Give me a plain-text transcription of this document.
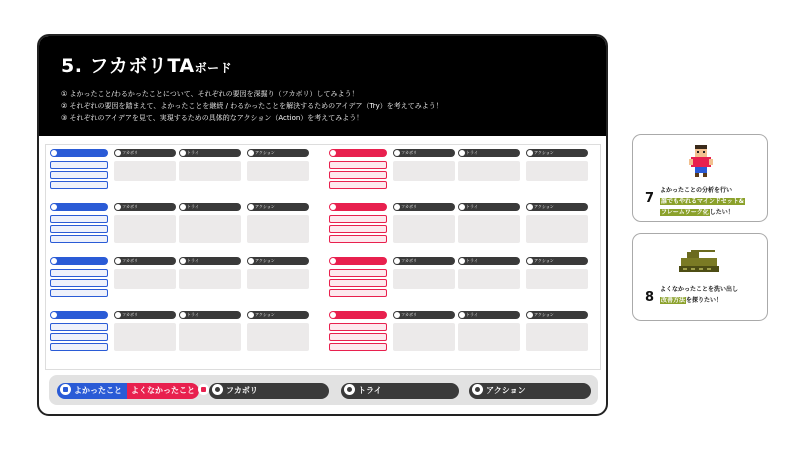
5. フカボリTAボード
① よかったこと/わるかったことについて、それぞれの要因を深掘り（フカボリ）してみよう！
② それぞれの要因を踏まえて、よかったことを継続 / わるかったことを解決するためのアイデア（Try）を考えてみよう！
③ それぞれのアイデアを見て、実現するための具体的なアクション（Action）を考えてみよう！
フカボリ	トライ	アクション
フカボリ	トライ	アクション
フカボリ	トライ	アクション
フカボリ	トライ	アクション
フカボリ	トライ	アクション
フカボリ	トライ	アクション
フカボリ	トライ	アクション
フカボリ	トライ	アクション
よかったこと	よくなかったこと	フカボリ	トライ	アクション
7
よかったことの分析を行い
誰でもやれるマインドセット&
フレームワーク化したい！
8
よくなかったことを洗い出し
改善方法を探りたい！
